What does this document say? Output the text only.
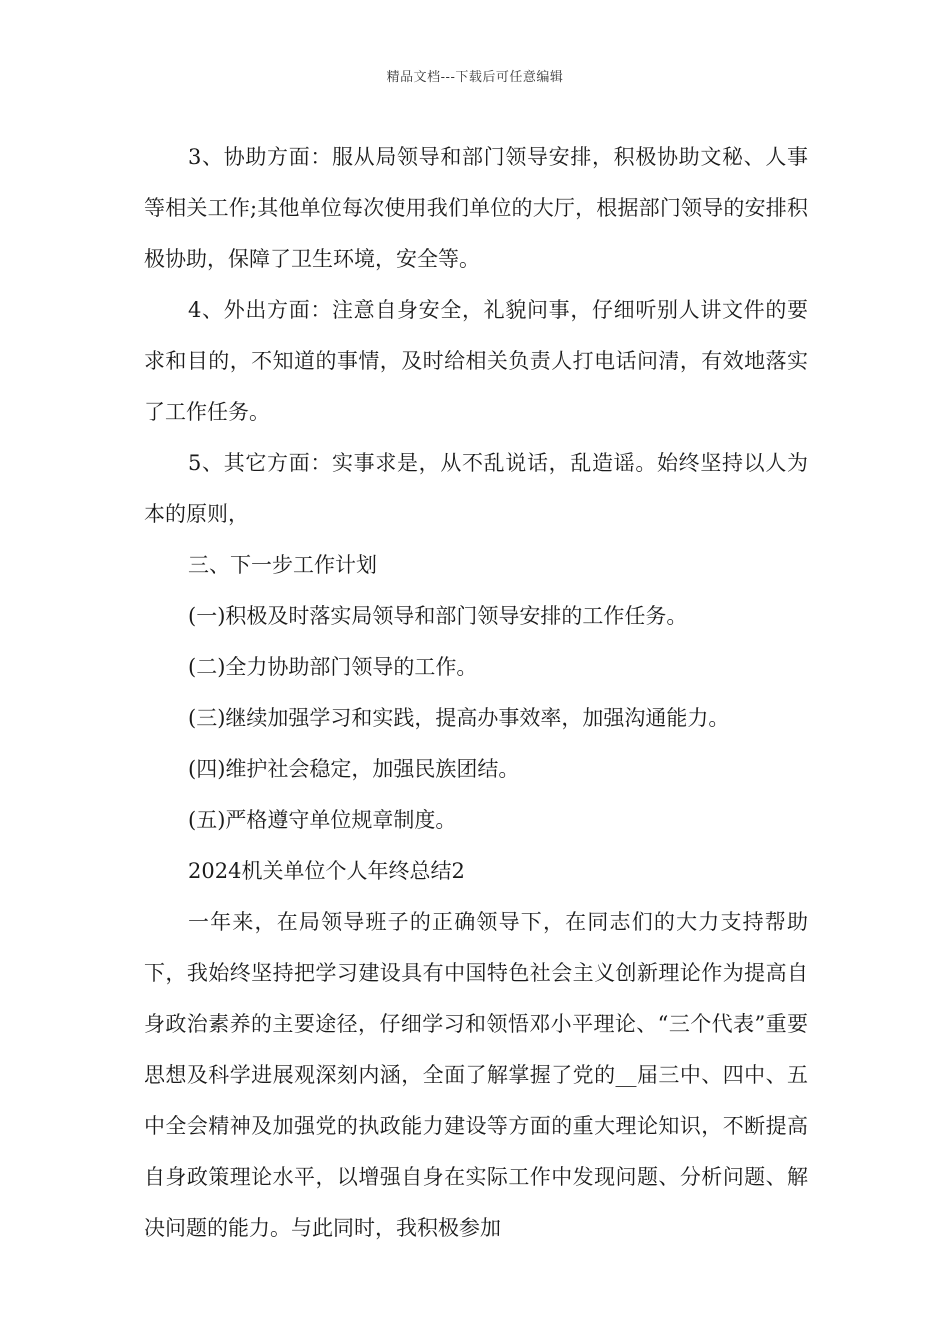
精品文档---下载后可任意编辑

3、协助方面：服从局领导和部门领导安排，积极协助文秘、人事等相关工作;其他单位每次使用我们单位的大厅，根据部门领导的安排积极协助，保障了卫生环境，安全等。

4、外出方面：注意自身安全，礼貌问事，仔细听别人讲文件的要求和目的，不知道的事情，及时给相关负责人打电话问清，有效地落实了工作任务。

5、其它方面：实事求是，从不乱说话，乱造谣。始终坚持以人为本的原则，

三、下一步工作计划

(一)积极及时落实局领导和部门领导安排的工作任务。

(二)全力协助部门领导的工作。

(三)继续加强学习和实践，提高办事效率，加强沟通能力。

(四)维护社会稳定，加强民族团结。

(五)严格遵守单位规章制度。

2024机关单位个人年终总结2

一年来，在局领导班子的正确领导下，在同志们的大力支持帮助下，我始终坚持把学习建设具有中国特色社会主义创新理论作为提高自身政治素养的主要途径，仔细学习和领悟邓小平理论、“三个代表”重要思想及科学进展观深刻内涵，全面了解掌握了党的__届三中、四中、五中全会精神及加强党的执政能力建设等方面的重大理论知识，不断提高自身政策理论水平，以增强自身在实际工作中发现问题、分析问题、解决问题的能力。与此同时，我积极参加
